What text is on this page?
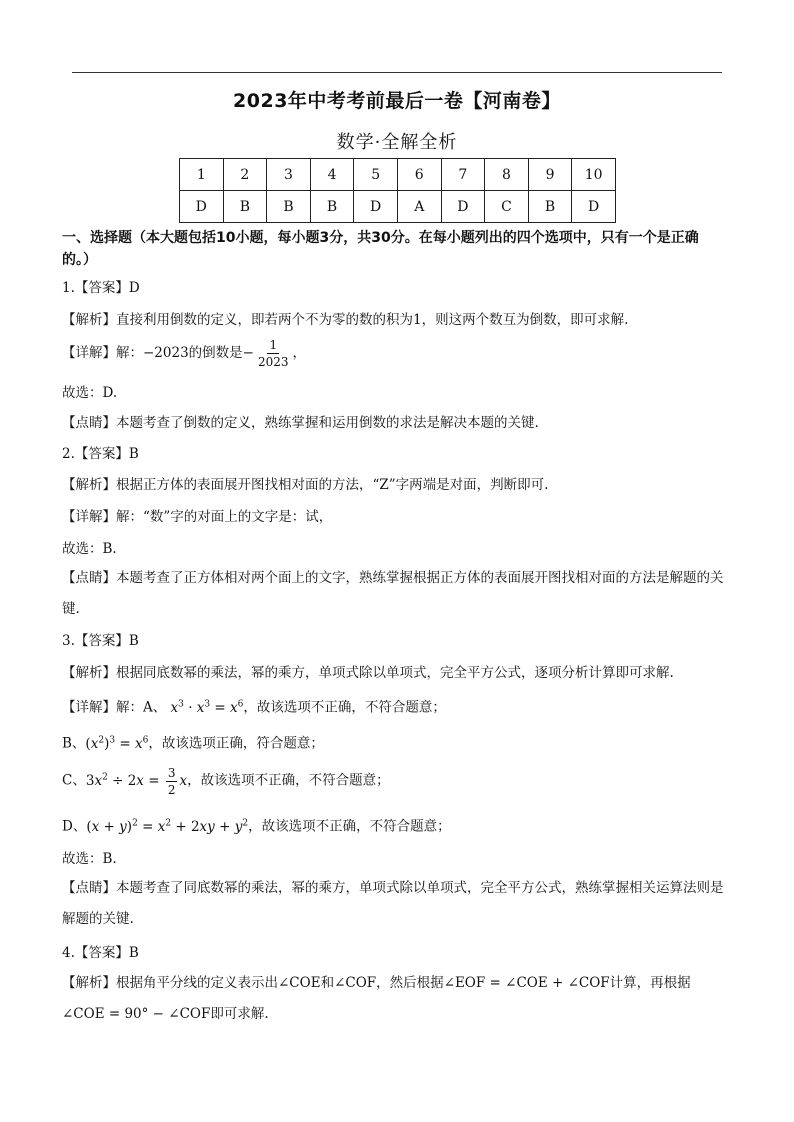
2023年中考考前最后一卷【河南卷】
数学·全解全析
1	2	3	4	5	6	7	8	9	10
D	B	B	B	D	A	D	C	B	D
一、选择题（本大题包括10小题，每小题3分，共30分。在每小题列出的四个选项中，只有一个是正确的。）
1.【答案】D
【解析】直接利用倒数的定义，即若两个不为零的数的积为1，则这两个数互为倒数，即可求解.
【详解】解：−2023的倒数是− $\frac{1}{2023}$ ，
故选：D.
【点睛】本题考查了倒数的定义，熟练掌握和运用倒数的求法是解决本题的关键.
2.【答案】B
【解析】根据正方体的表面展开图找相对面的方法，“Z”字两端是对面，判断即可.
【详解】解：“数”字的对面上的文字是：试，
故选：B.
【点睛】本题考查了正方体相对两个面上的文字，熟练掌握根据正方体的表面展开图找相对面的方法是解题的关键.
3.【答案】B
【解析】根据同底数幂的乘法，幂的乘方，单项式除以单项式，完全平方公式，逐项分析计算即可求解.
【详解】解：A、 $x^3 \cdot x^3 = x^6$，故该选项不正确，不符合题意；
B、$(x^2)^3 = x^6$，故该选项正确，符合题意；
C、$3x^2 \div 2x = \frac{3}{2}$ x，故该选项不正确，不符合题意；
D、$(x + y)^2 = x^2 + 2xy + y^2$，故该选项不正确，不符合题意；
故选：B.
【点睛】本题考查了同底数幂的乘法，幂的乘方，单项式除以单项式，完全平方公式，熟练掌握相关运算法则是解题的关键.
4.【答案】B
【解析】根据角平分线的定义表示出∠COE和∠COF，然后根据∠EOF = ∠COE + ∠COF计算，再根据∠COE = 90° − ∠COF即可求解.
